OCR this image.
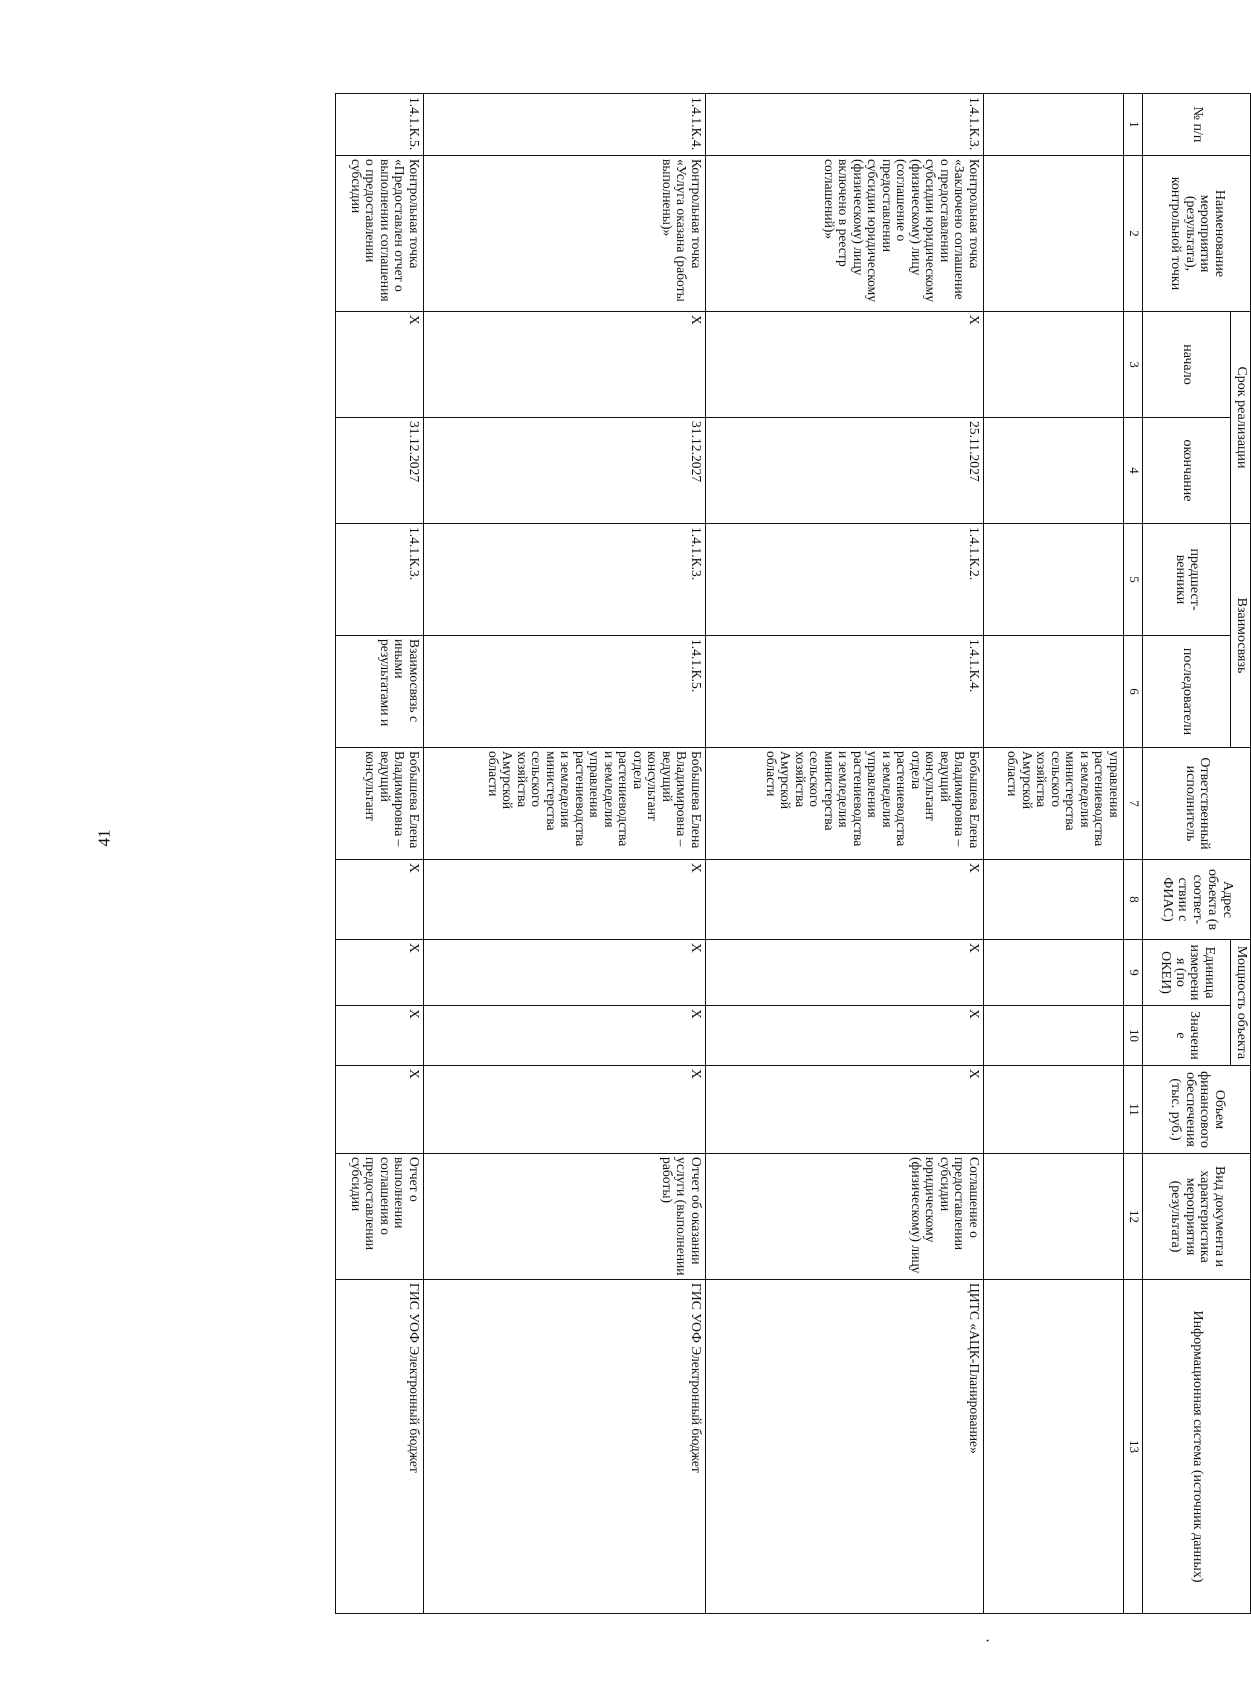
41
№ п/п	Наименование мероприятия (результата), контрольной точки	Срок реализации		Взаимосвязь		Ответственный исполнитель	Адрес объекта (в соответ-ствии с ФИАС)	Мощность объекта		Объем финансового обеспечения (тыс. руб.)	Вид документа и характеристика мероприятия (результата)	Информационная система (источник данных)
		начало	окончание	предшест-венники	последователи			Единица измерения (по ОКЕИ)	Значение			
1	2	3	4	5	6	7	8	9	10	11	12	13
						управления растениеводства и земледелия министерства сельского хозяйства Амурской области						
1.4.1.К.3.	Контрольная точка «Заключено соглашение о предоставлении субсидии юридическому (физическому) лицу (соглашение о предоставлении субсидии юридическому (физическому) лицу включено в реестр соглашений)»	X	25.11.2027	1.4.1.К.2.	1.4.1.К.4.	Бобышева Елена Владимировна – ведущий консультант отдела растениеводства и земледелия управления растениеводства и земледелия министерства сельского хозяйства Амурской области	X	X	X	X	Соглашение о предоставлении субсидии юридическому (физическому) лицу	ЦИТС «АЦК-Планирование»
1.4.1.К.4.	Контрольная точка «Услуга оказана (работы выполнены)»	X	31.12.2027	1.4.1.К.3.	1.4.1.К.5.	Бобышева Елена Владимировна – ведущий консультант отдела растениеводства и земледелия управления растениеводства и земледелия министерства сельского хозяйства Амурской области	X	X	X	X	Отчет об оказании услуги (выполнении работы)	ГИС УОФ Электронный бюджет
1.4.1.К.5.	Контрольная точка «Предоставлен отчет о выполнении соглашения о предоставлении субсидии	X	31.12.2027	1.4.1.К.3.	Взаимосвязь с иными результатами и	Бобышева Елена Владимировна – ведущий консультант	X	X	X	X	Отчет о выполнении соглашения о предоставлении субсидии	ГИС УОФ Электронный бюджет
·
